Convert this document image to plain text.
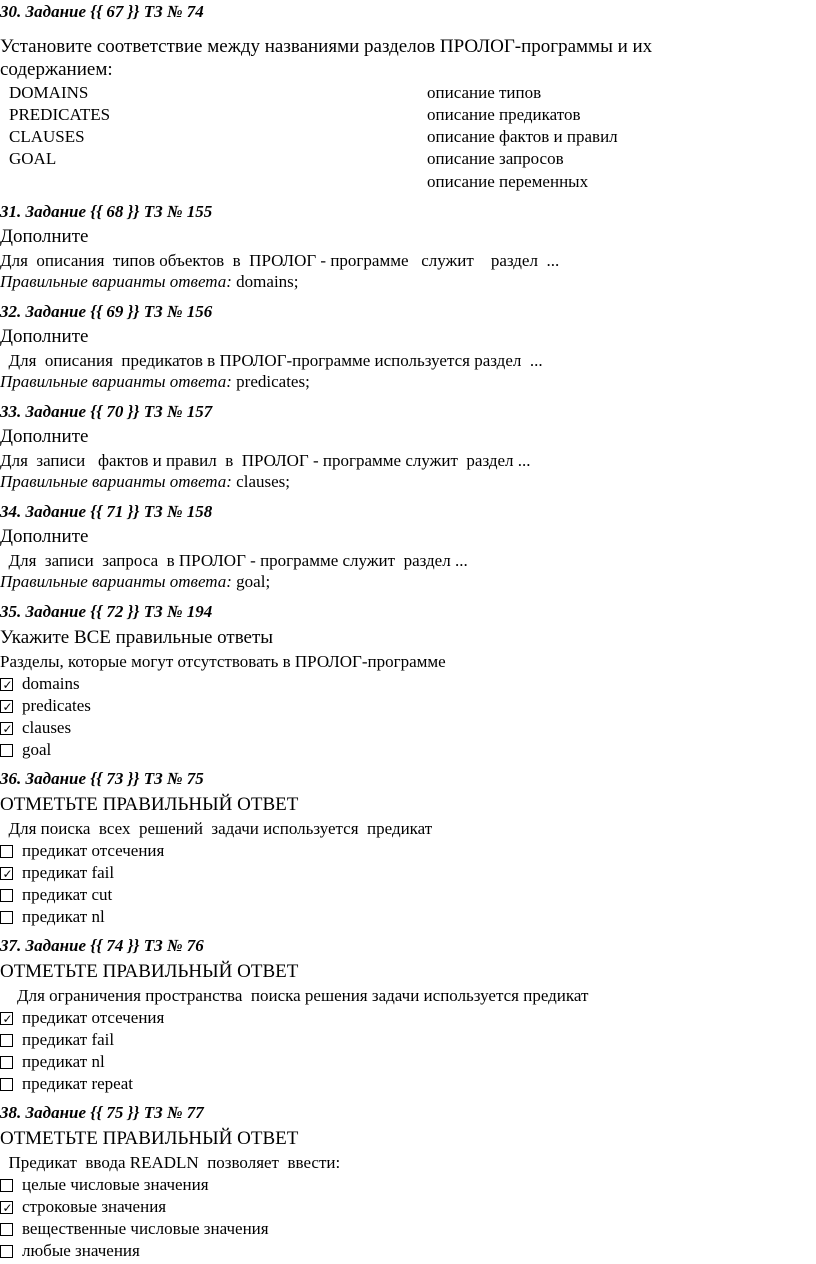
30. Задание {{ 67 }} ТЗ № 74
Установите соответствие между названиями разделов ПРОЛОГ-программы и их
содержанием:
DOMAINS
PREDICATES
CLAUSES
GOAL
описание типов
описание предикатов
описание фактов и правил
описание запросов
описание переменных
31. Задание {{ 68 }} ТЗ № 155
Дополните
Для  описания  типов объектов  в  ПРОЛОГ - программе   служит    раздел  ...
Правильные варианты ответа: domains;
32. Задание {{ 69 }} ТЗ № 156
Дополните
Для  описания  предикатов в ПРОЛОГ-программе используется раздел  ...
Правильные варианты ответа: predicates;
33. Задание {{ 70 }} ТЗ № 157
Дополните
Для  записи   фактов и правил  в  ПРОЛОГ - программе служит  раздел ...
Правильные варианты ответа: clauses;
34. Задание {{ 71 }} ТЗ № 158
Дополните
Для  записи  запроса  в ПРОЛОГ - программе служит  раздел ...
Правильные варианты ответа: goal;
35. Задание {{ 72 }} ТЗ № 194
Укажите ВСЕ правильные ответы
Разделы, которые могут отсутствовать в ПРОЛОГ-программе
✓
domains
✓
predicates
✓
clauses
goal
36. Задание {{ 73 }} ТЗ № 75
ОТМЕТЬТЕ ПРАВИЛЬНЫЙ ОТВЕТ
Для поиска  всех  решений  задачи используется  предикат
предикат отсечения
✓
предикат fail
предикат cut
предикат nl
37. Задание {{ 74 }} ТЗ № 76
ОТМЕТЬТЕ ПРАВИЛЬНЫЙ ОТВЕТ
Для ограничения пространства  поиска решения задачи используется предикат
✓
предикат отсечения
предикат fail
предикат nl
предикат repeat
38. Задание {{ 75 }} ТЗ № 77
ОТМЕТЬТЕ ПРАВИЛЬНЫЙ ОТВЕТ
Предикат  ввода READLN  позволяет  ввести:
целые числовые значения
✓
строковые значения
вещественные числовые значения
любые значения
